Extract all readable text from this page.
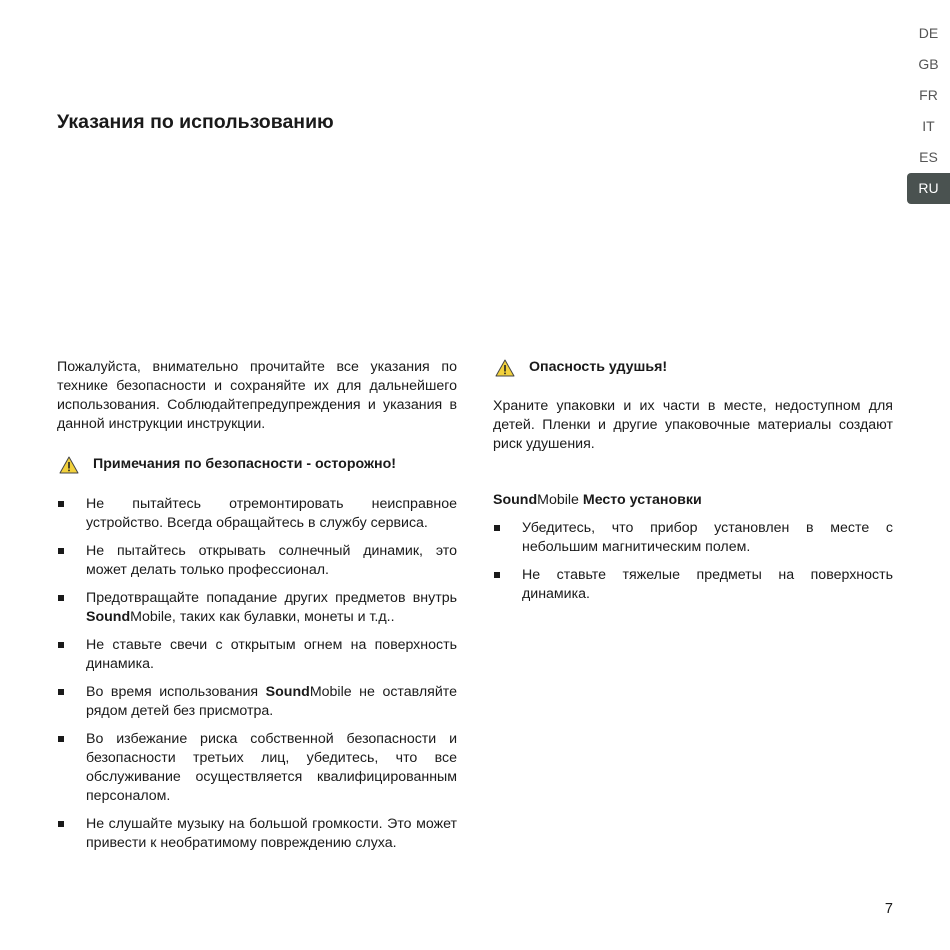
DE
GB
FR
IT
ES
RU
Указания по использованию

Пожалуйста, внимательно прочитайте все указания по технике безопасности и сохраняйте их для дальнейшего использования. Соблюдайтепредупреждения и указания в данной инструкции инструкции.

Примечания по безопасности - осторожно!
Не пытайтесь отремонтировать неисправное устройство. Всегда обращайтесь в службу сервиса.
Не пытайтесь открывать солнечный динамик, это может делать только профессионал.
Предотвращайте попадание других предметов внутрь SoundMobile, таких как булавки, монеты и т.д..
Не ставьте свечи с открытым огнем на поверхность динамика.
Во время использования SoundMobile не оставляйте рядом детей без присмотра.
Во избежание риска собственной безопасности и безопасности третьих лиц, убедитесь, что все обслуживание осуществляется квалифицированным персоналом.
Не слушайте музыку на большой громкости. Это может привести к необратимому повреждению слуха.
Опасность удушья!

Храните упаковки и их части в месте, недоступном для детей. Пленки и другие упаковочные материалы создают риск удушения.

SoundMobile Место установки

Убедитесь, что прибор установлен в месте с небольшим магнитическим полем.
Не ставьте тяжелые предметы на поверхность динамика.
7
